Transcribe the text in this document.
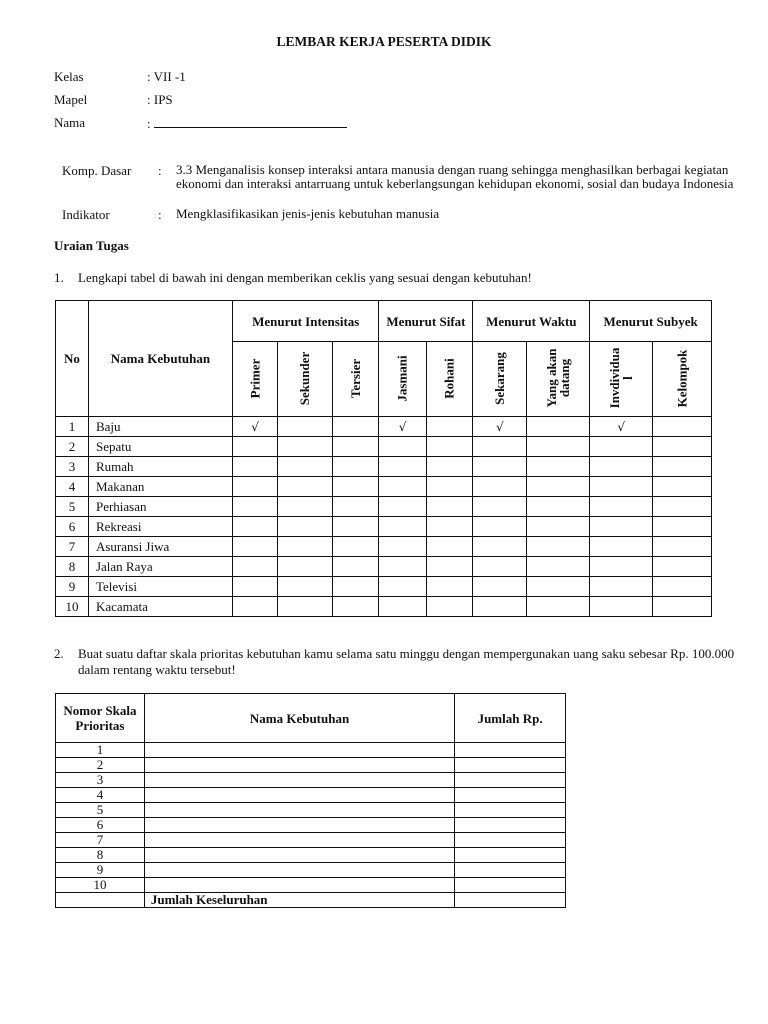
LEMBAR KERJA PESERTA DIDIK
Kelas	: VII -1
Mapel	: IPS
Nama	:
Komp. Dasar : 3.3 Menganalisis konsep interaksi antara manusia dengan ruang sehingga menghasilkan berbagai kegiatan ekonomi dan interaksi antarruang untuk keberlangsungan kehidupan ekonomi, sosial dan budaya Indonesia
Indikator	: Mengklasifikasikan jenis-jenis kebutuhan manusia
Uraian Tugas
1. Lengkapi tabel di bawah ini dengan memberikan ceklis yang sesuai dengan kebutuhan!
No	Nama Kebutuhan	Menurut Intensitas			Menurut Sifat		Menurut Waktu		Menurut Subyek	
		Primer	Sekunder	Tersier	Jasmani	Rohani	Sekarang	Yang akan datang	Invdividual	Kelompok
1	Baju	√			√		√		√	
2	Sepatu									
3	Rumah									
4	Makanan									
5	Perhiasan									
6	Rekreasi									
7	Asuransi Jiwa									
8	Jalan Raya									
9	Televisi									
10	Kacamata									
2. Buat suatu daftar skala prioritas kebutuhan kamu selama satu minggu dengan mempergunakan uang saku sebesar Rp. 100.000 dalam rentang waktu tersebut!
Nomor Skala Prioritas	Nama Kebutuhan	Jumlah Rp.
1		
2		
3		
4		
5		
6		
7		
8		
9		
10		
	Jumlah Keseluruhan	
